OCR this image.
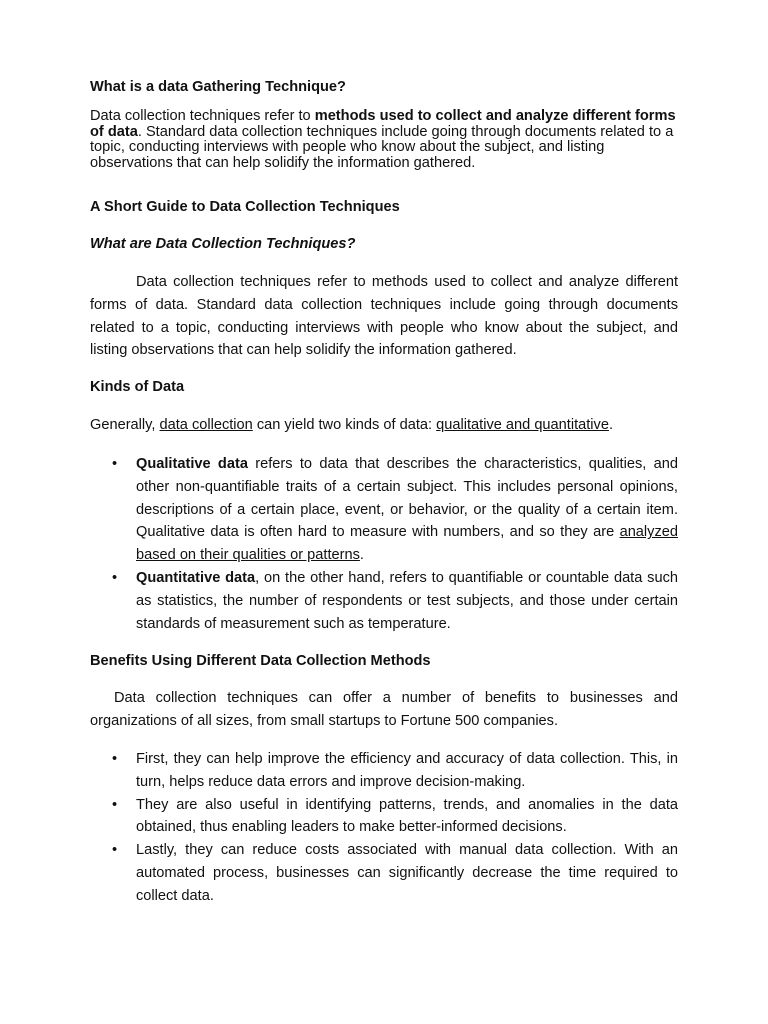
What is a data Gathering Technique?

Data collection techniques refer to methods used to collect and analyze different forms of data. Standard data collection techniques include going through documents related to a topic, conducting interviews with people who know about the subject, and listing observations that can help solidify the information gathered.

A Short Guide to Data Collection Techniques

What are Data Collection Techniques?

Data collection techniques refer to methods used to collect and analyze different forms of data. Standard data collection techniques include going through documents related to a topic, conducting interviews with people who know about the subject, and listing observations that can help solidify the information gathered.

Kinds of Data

Generally, data collection can yield two kinds of data: qualitative and quantitative.

• Qualitative data refers to data that describes the characteristics, qualities, and other non-quantifiable traits of a certain subject. This includes personal opinions, descriptions of a certain place, event, or behavior, or the quality of a certain item. Qualitative data is often hard to measure with numbers, and so they are analyzed based on their qualities or patterns.
• Quantitative data, on the other hand, refers to quantifiable or countable data such as statistics, the number of respondents or test subjects, and those under certain standards of measurement such as temperature.

Benefits Using Different Data Collection Methods

Data collection techniques can offer a number of benefits to businesses and organizations of all sizes, from small startups to Fortune 500 companies.

• First, they can help improve the efficiency and accuracy of data collection. This, in turn, helps reduce data errors and improve decision-making.
• They are also useful in identifying patterns, trends, and anomalies in the data obtained, thus enabling leaders to make better-informed decisions.
• Lastly, they can reduce costs associated with manual data collection. With an automated process, businesses can significantly decrease the time required to collect data.
